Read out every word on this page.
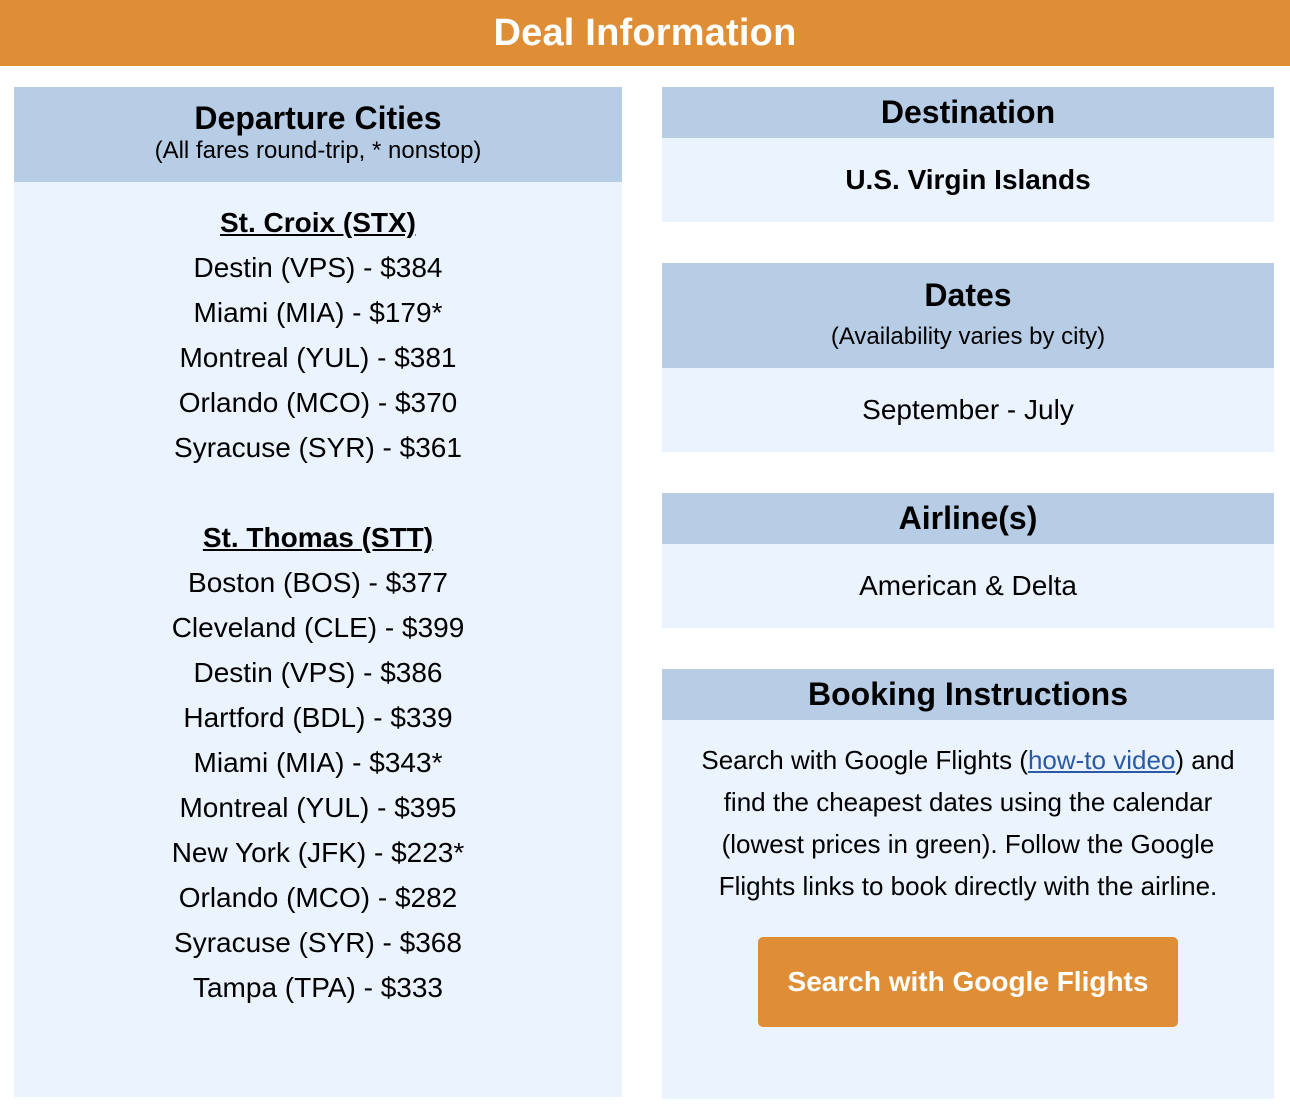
Deal Information
Departure Cities
(All fares round-trip, * nonstop)
St. Croix (STX)
Destin (VPS) - $384
Miami (MIA) - $179*
Montreal (YUL) - $381
Orlando (MCO) - $370
Syracuse (SYR) - $361
St. Thomas (STT)
Boston (BOS) - $377
Cleveland (CLE) - $399
Destin (VPS) - $386
Hartford (BDL) - $339
Miami (MIA) - $343*
Montreal (YUL) - $395
New York (JFK) - $223*
Orlando (MCO) - $282
Syracuse (SYR) - $368
Tampa (TPA) - $333
Destination
U.S. Virgin Islands
Dates
(Availability varies by city)
September - July
Airline(s)
American & Delta
Booking Instructions
Search with Google Flights (how-to video) and find the cheapest dates using the calendar (lowest prices in green). Follow the Google Flights links to book directly with the airline.
Search with Google Flights
